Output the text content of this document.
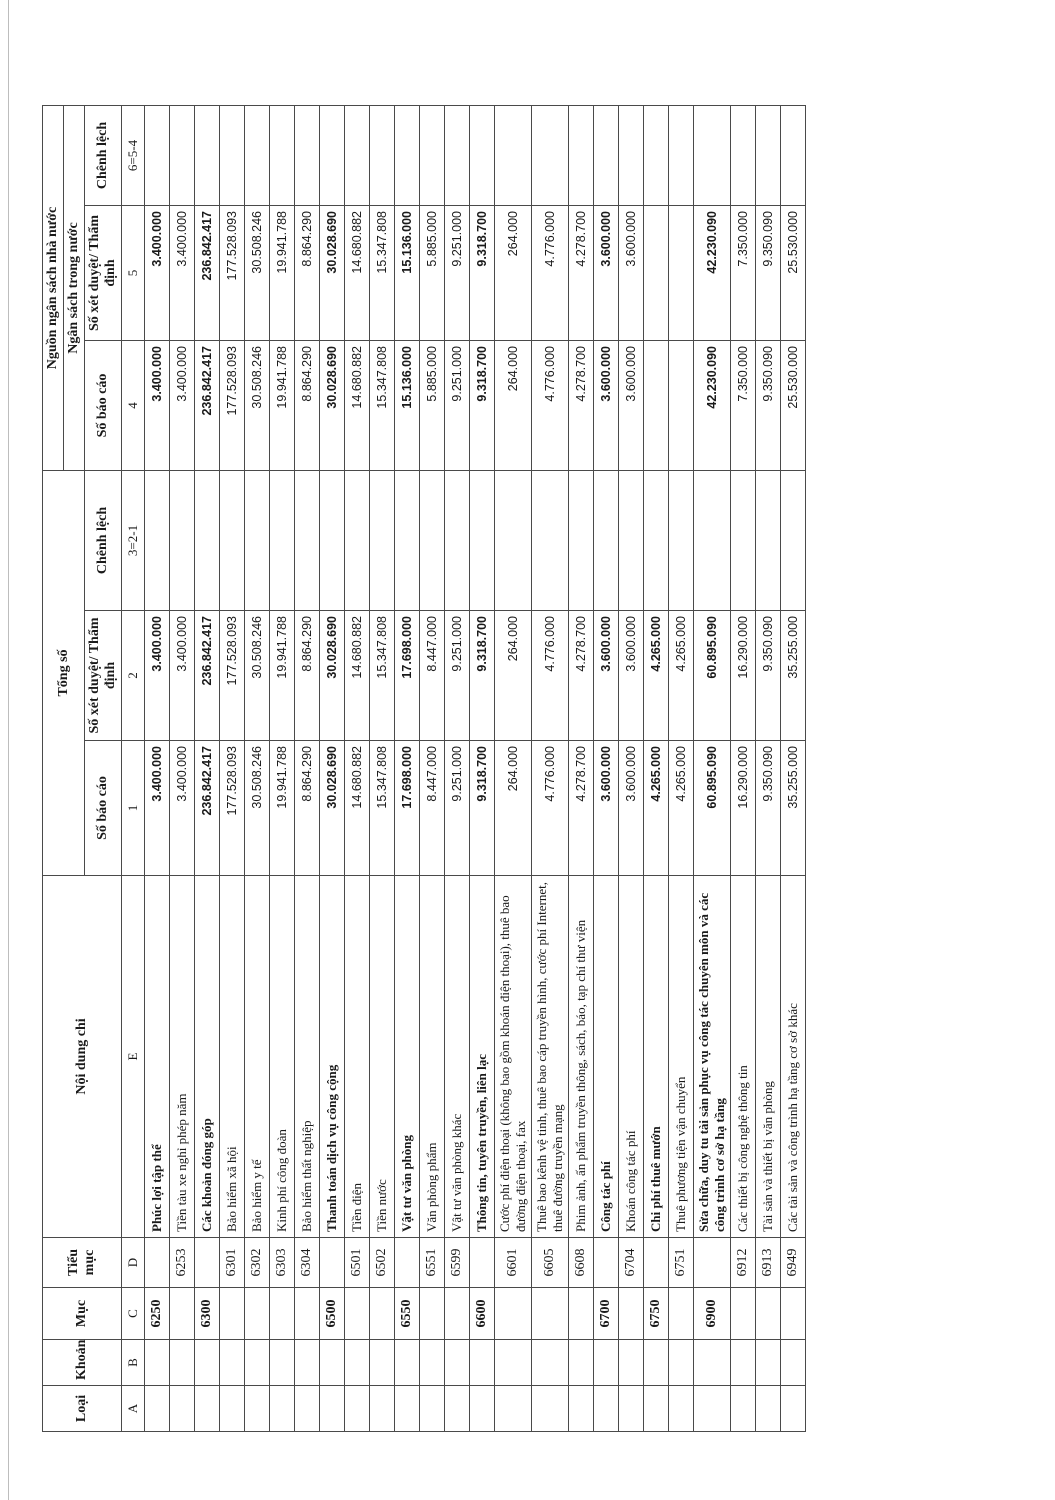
Loại	Khoản	Mục	Tiểu mục	Nội dung chi	Tổng số			Nguồn ngân sách nhà nước			
								Ngân sách trong nước			
					Số báo cáo	Số xét duyệt/ Thẩm định	Chênh lệch	Số báo cáo	Số xét duyệt/ Thẩm định	Chênh lệch	
A	B	C	D	E	1	2	3=2-1	4	5	6=5-4	
		6250		Phúc lợi tập thể	3.400.000	3.400.000		3.400.000	3.400.000		
			6253	Tiền tàu xe nghỉ phép năm	3.400.000	3.400.000		3.400.000	3.400.000		
		6300		Các khoản đóng góp	236.842.417	236.842.417		236.842.417	236.842.417		
			6301	Bảo hiểm xã hội	177.528.093	177.528.093		177.528.093	177.528.093		
			6302	Bảo hiểm y tế	30.508.246	30.508.246		30.508.246	30.508.246		
			6303	Kinh phí công đoàn	19.941.788	19.941.788		19.941.788	19.941.788		
			6304	Bảo hiểm thất nghiệp	8.864.290	8.864.290		8.864.290	8.864.290		
		6500		Thanh toán dịch vụ công cộng	30.028.690	30.028.690		30.028.690	30.028.690		
			6501	Tiền điện	14.680.882	14.680.882		14.680.882	14.680.882		
			6502	Tiền nước	15.347.808	15.347.808		15.347.808	15.347.808		
		6550		Vật tư văn phòng	17.698.000	17.698.000		15.136.000	15.136.000		
			6551	Văn phòng phẩm	8.447.000	8.447.000		5.885.000	5.885.000		
			6599	Vật tư văn phòng khác	9.251.000	9.251.000		9.251.000	9.251.000		
		6600		Thông tin, tuyên truyền, liên lạc	9.318.700	9.318.700		9.318.700	9.318.700		
			6601	Cước phí điện thoại (không bao gồm khoán điện thoại), thuê bao đường điện thoại, fax	264.000	264.000		264.000	264.000		
			6605	Thuê bao kênh vệ tinh, thuê bao cáp truyền hình, cước phí Internet, thuê đường truyền mạng	4.776.000	4.776.000		4.776.000	4.776.000		
			6608	Phim ảnh, ấn phẩm truyền thông, sách, báo, tạp chí thư viện	4.278.700	4.278.700		4.278.700	4.278.700		
		6700		Công tác phí	3.600.000	3.600.000		3.600.000	3.600.000		
			6704	Khoán công tác phí	3.600.000	3.600.000		3.600.000	3.600.000		
		6750		Chi phí thuê mướn	4.265.000	4.265.000					
			6751	Thuê phương tiện vận chuyển	4.265.000	4.265.000					
		6900		Sửa chữa, duy tu tài sản phục vụ công tác chuyên môn và các công trình cơ sở hạ tầng	60.895.090	60.895.090		42.230.090	42.230.090		
			6912	Các thiết bị công nghệ thông tin	16.290.000	16.290.000		7.350.000	7.350.000		
			6913	Tài sản và thiết bị văn phòng	9.350.090	9.350.090		9.350.090	9.350.090		
			6949	Các tài sản và công trình hạ tầng cơ sở khác	35.255.000	35.255.000		25.530.000	25.530.000		
